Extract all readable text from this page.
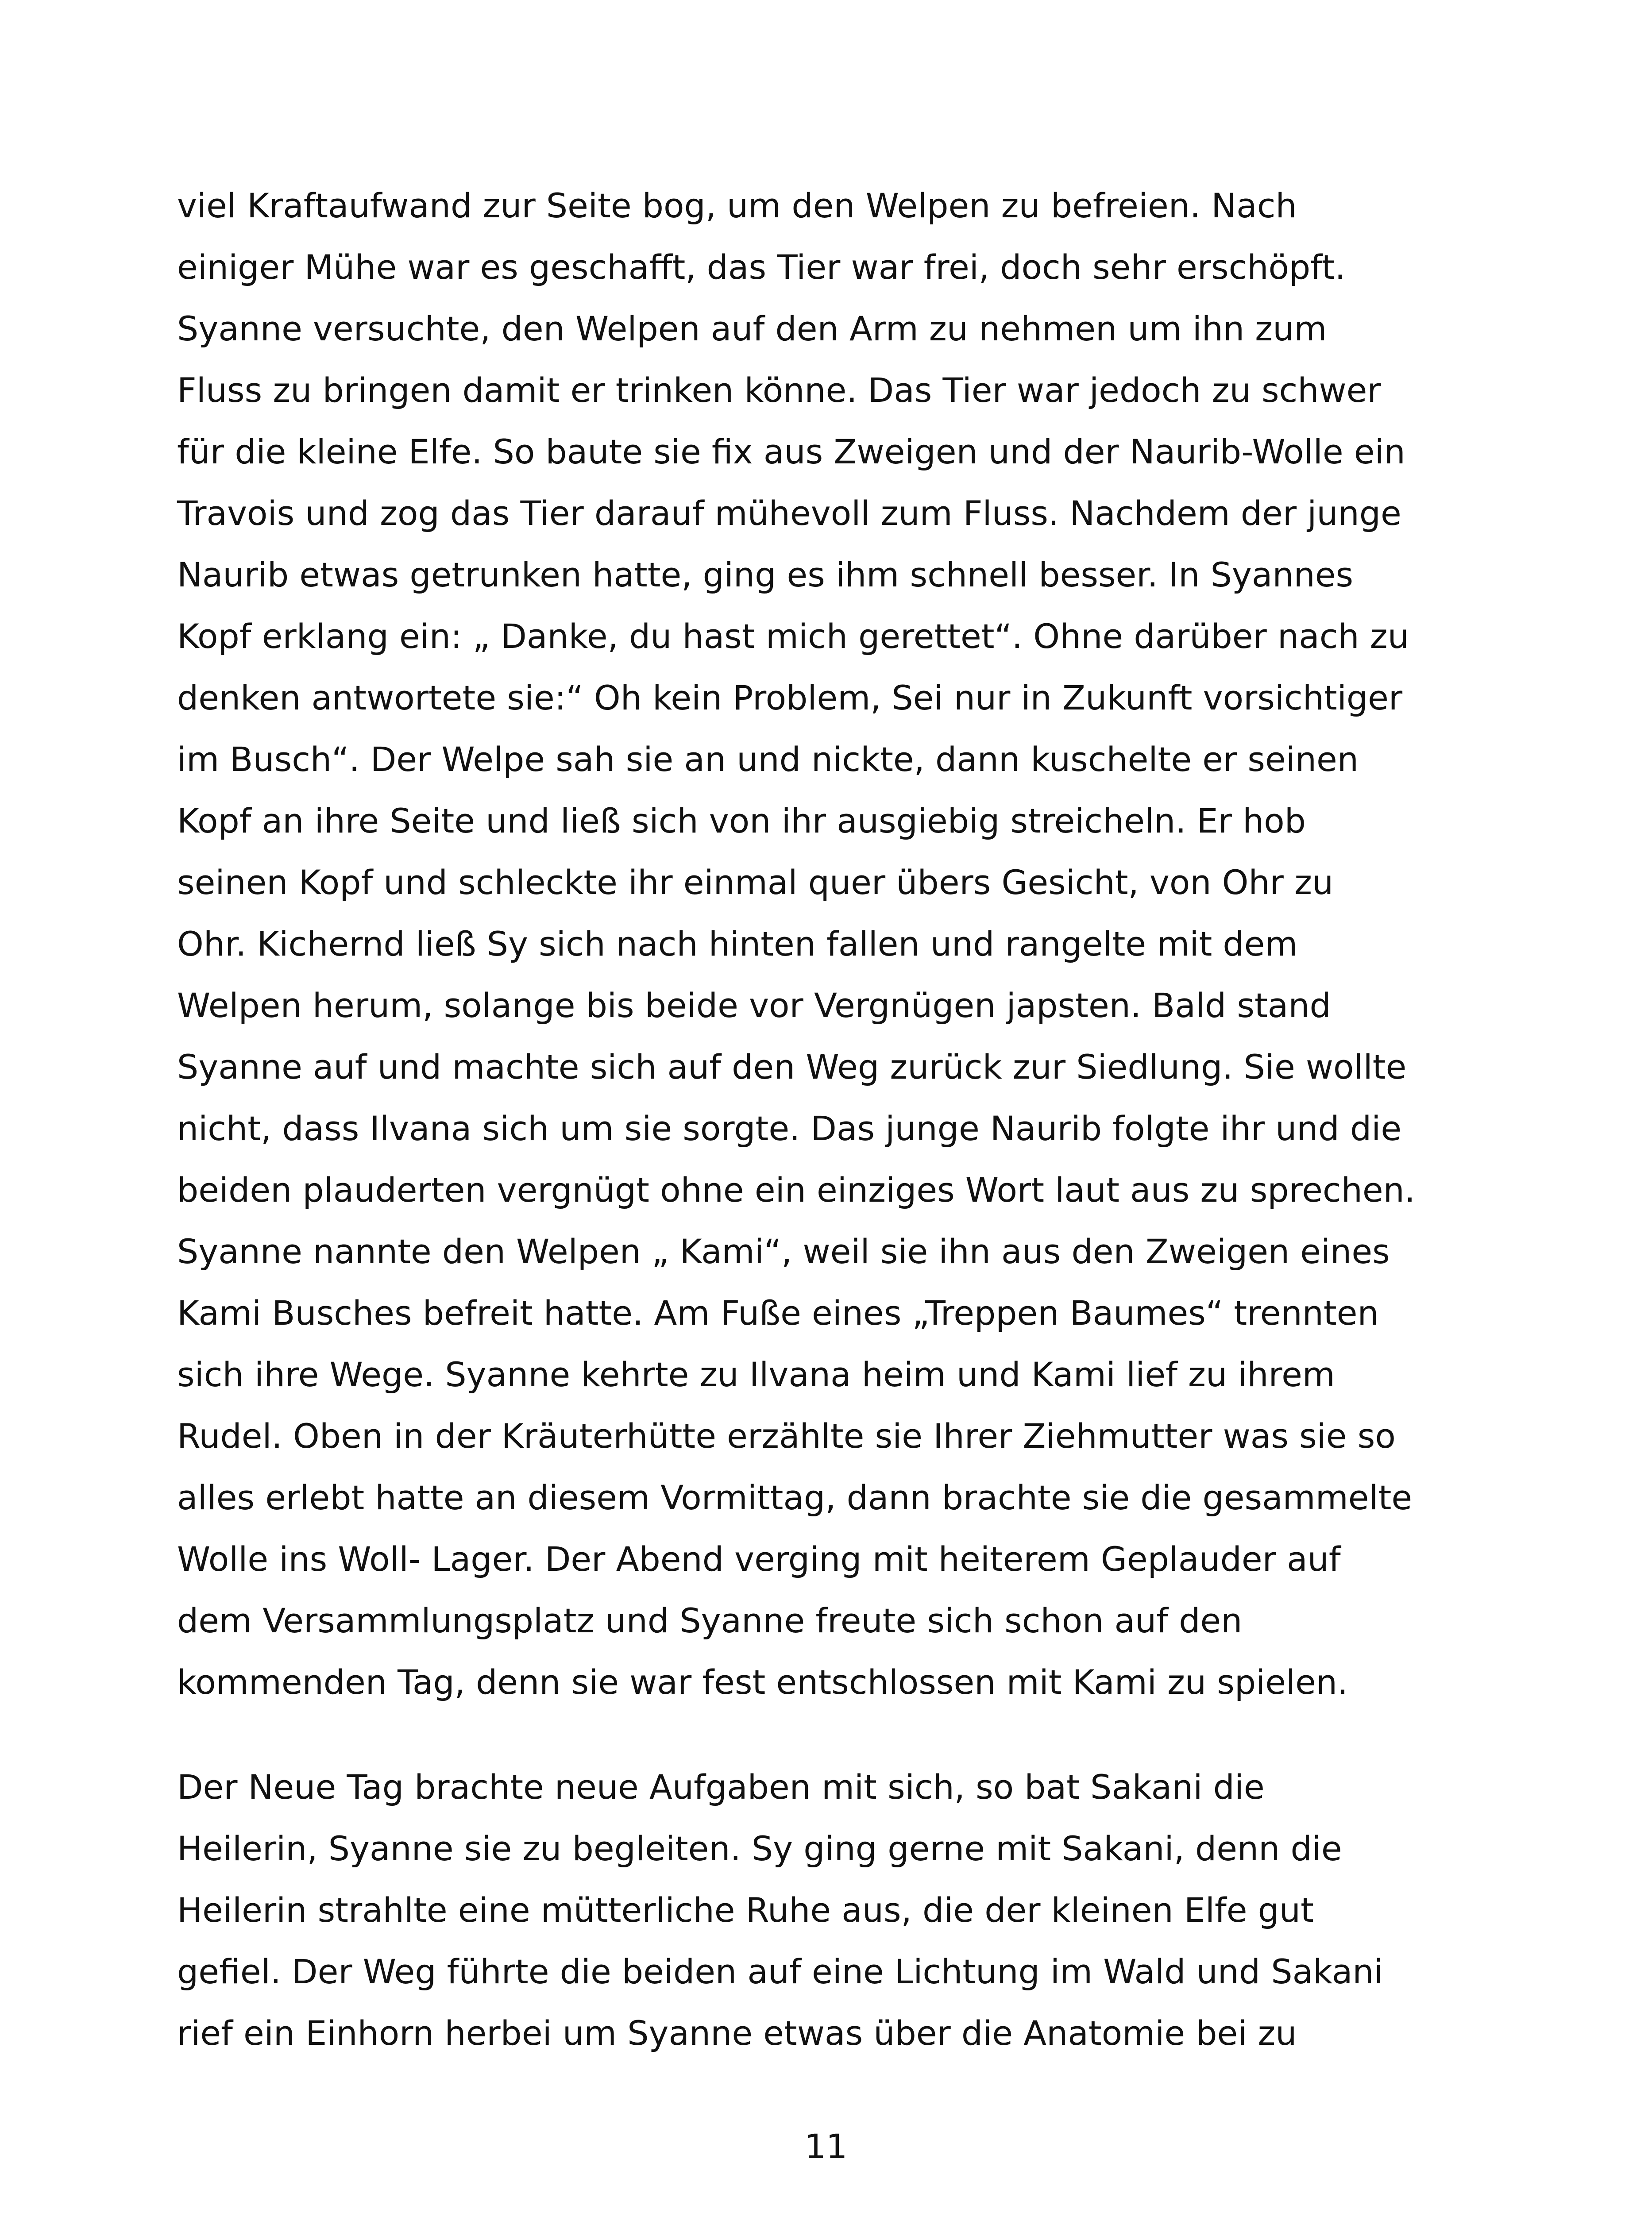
viel Kraftaufwand zur Seite bog, um den Welpen zu befreien. Nach
einiger Mühe war es geschafft, das Tier war frei, doch sehr erschöpft.
Syanne versuchte, den Welpen auf den Arm zu nehmen um ihn zum
Fluss zu bringen damit er trinken könne. Das Tier war jedoch zu schwer
für die kleine Elfe. So baute sie fix aus Zweigen und der Naurib-Wolle ein
Travois und zog das Tier darauf mühevoll zum Fluss. Nachdem der junge
Naurib etwas getrunken hatte, ging es ihm schnell besser. In Syannes
Kopf erklang ein: „ Danke, du hast mich gerettet“. Ohne darüber nach zu
denken antwortete sie:“ Oh kein Problem, Sei nur in Zukunft vorsichtiger
im Busch“. Der Welpe sah sie an und nickte, dann kuschelte er seinen
Kopf an ihre Seite und ließ sich von ihr ausgiebig streicheln. Er hob
seinen Kopf und schleckte ihr einmal quer übers Gesicht, von Ohr zu
Ohr. Kichernd ließ Sy sich nach hinten fallen und rangelte mit dem
Welpen herum, solange bis beide vor Vergnügen japsten. Bald stand
Syanne auf und machte sich auf den Weg zurück zur Siedlung. Sie wollte
nicht, dass Ilvana sich um sie sorgte. Das junge Naurib folgte ihr und die
beiden plauderten vergnügt ohne ein einziges Wort laut aus zu sprechen.
Syanne nannte den Welpen „ Kami“, weil sie ihn aus den Zweigen eines
Kami Busches befreit hatte. Am Fuße eines „Treppen Baumes“ trennten
sich ihre Wege. Syanne kehrte zu Ilvana heim und Kami lief zu ihrem
Rudel. Oben in der Kräuterhütte erzählte sie Ihrer Ziehmutter was sie so
alles erlebt hatte an diesem Vormittag, dann brachte sie die gesammelte
Wolle ins Woll- Lager. Der Abend verging mit heiterem Geplauder auf
dem Versammlungsplatz und Syanne freute sich schon auf den
kommenden Tag, denn sie war fest entschlossen mit Kami zu spielen.
Der Neue Tag brachte neue Aufgaben mit sich, so bat Sakani die
Heilerin, Syanne sie zu begleiten. Sy ging gerne mit Sakani, denn die
Heilerin strahlte eine mütterliche Ruhe aus, die der kleinen Elfe gut
gefiel. Der Weg führte die beiden auf eine Lichtung im Wald und Sakani
rief ein Einhorn herbei um Syanne etwas über die Anatomie bei zu
11
